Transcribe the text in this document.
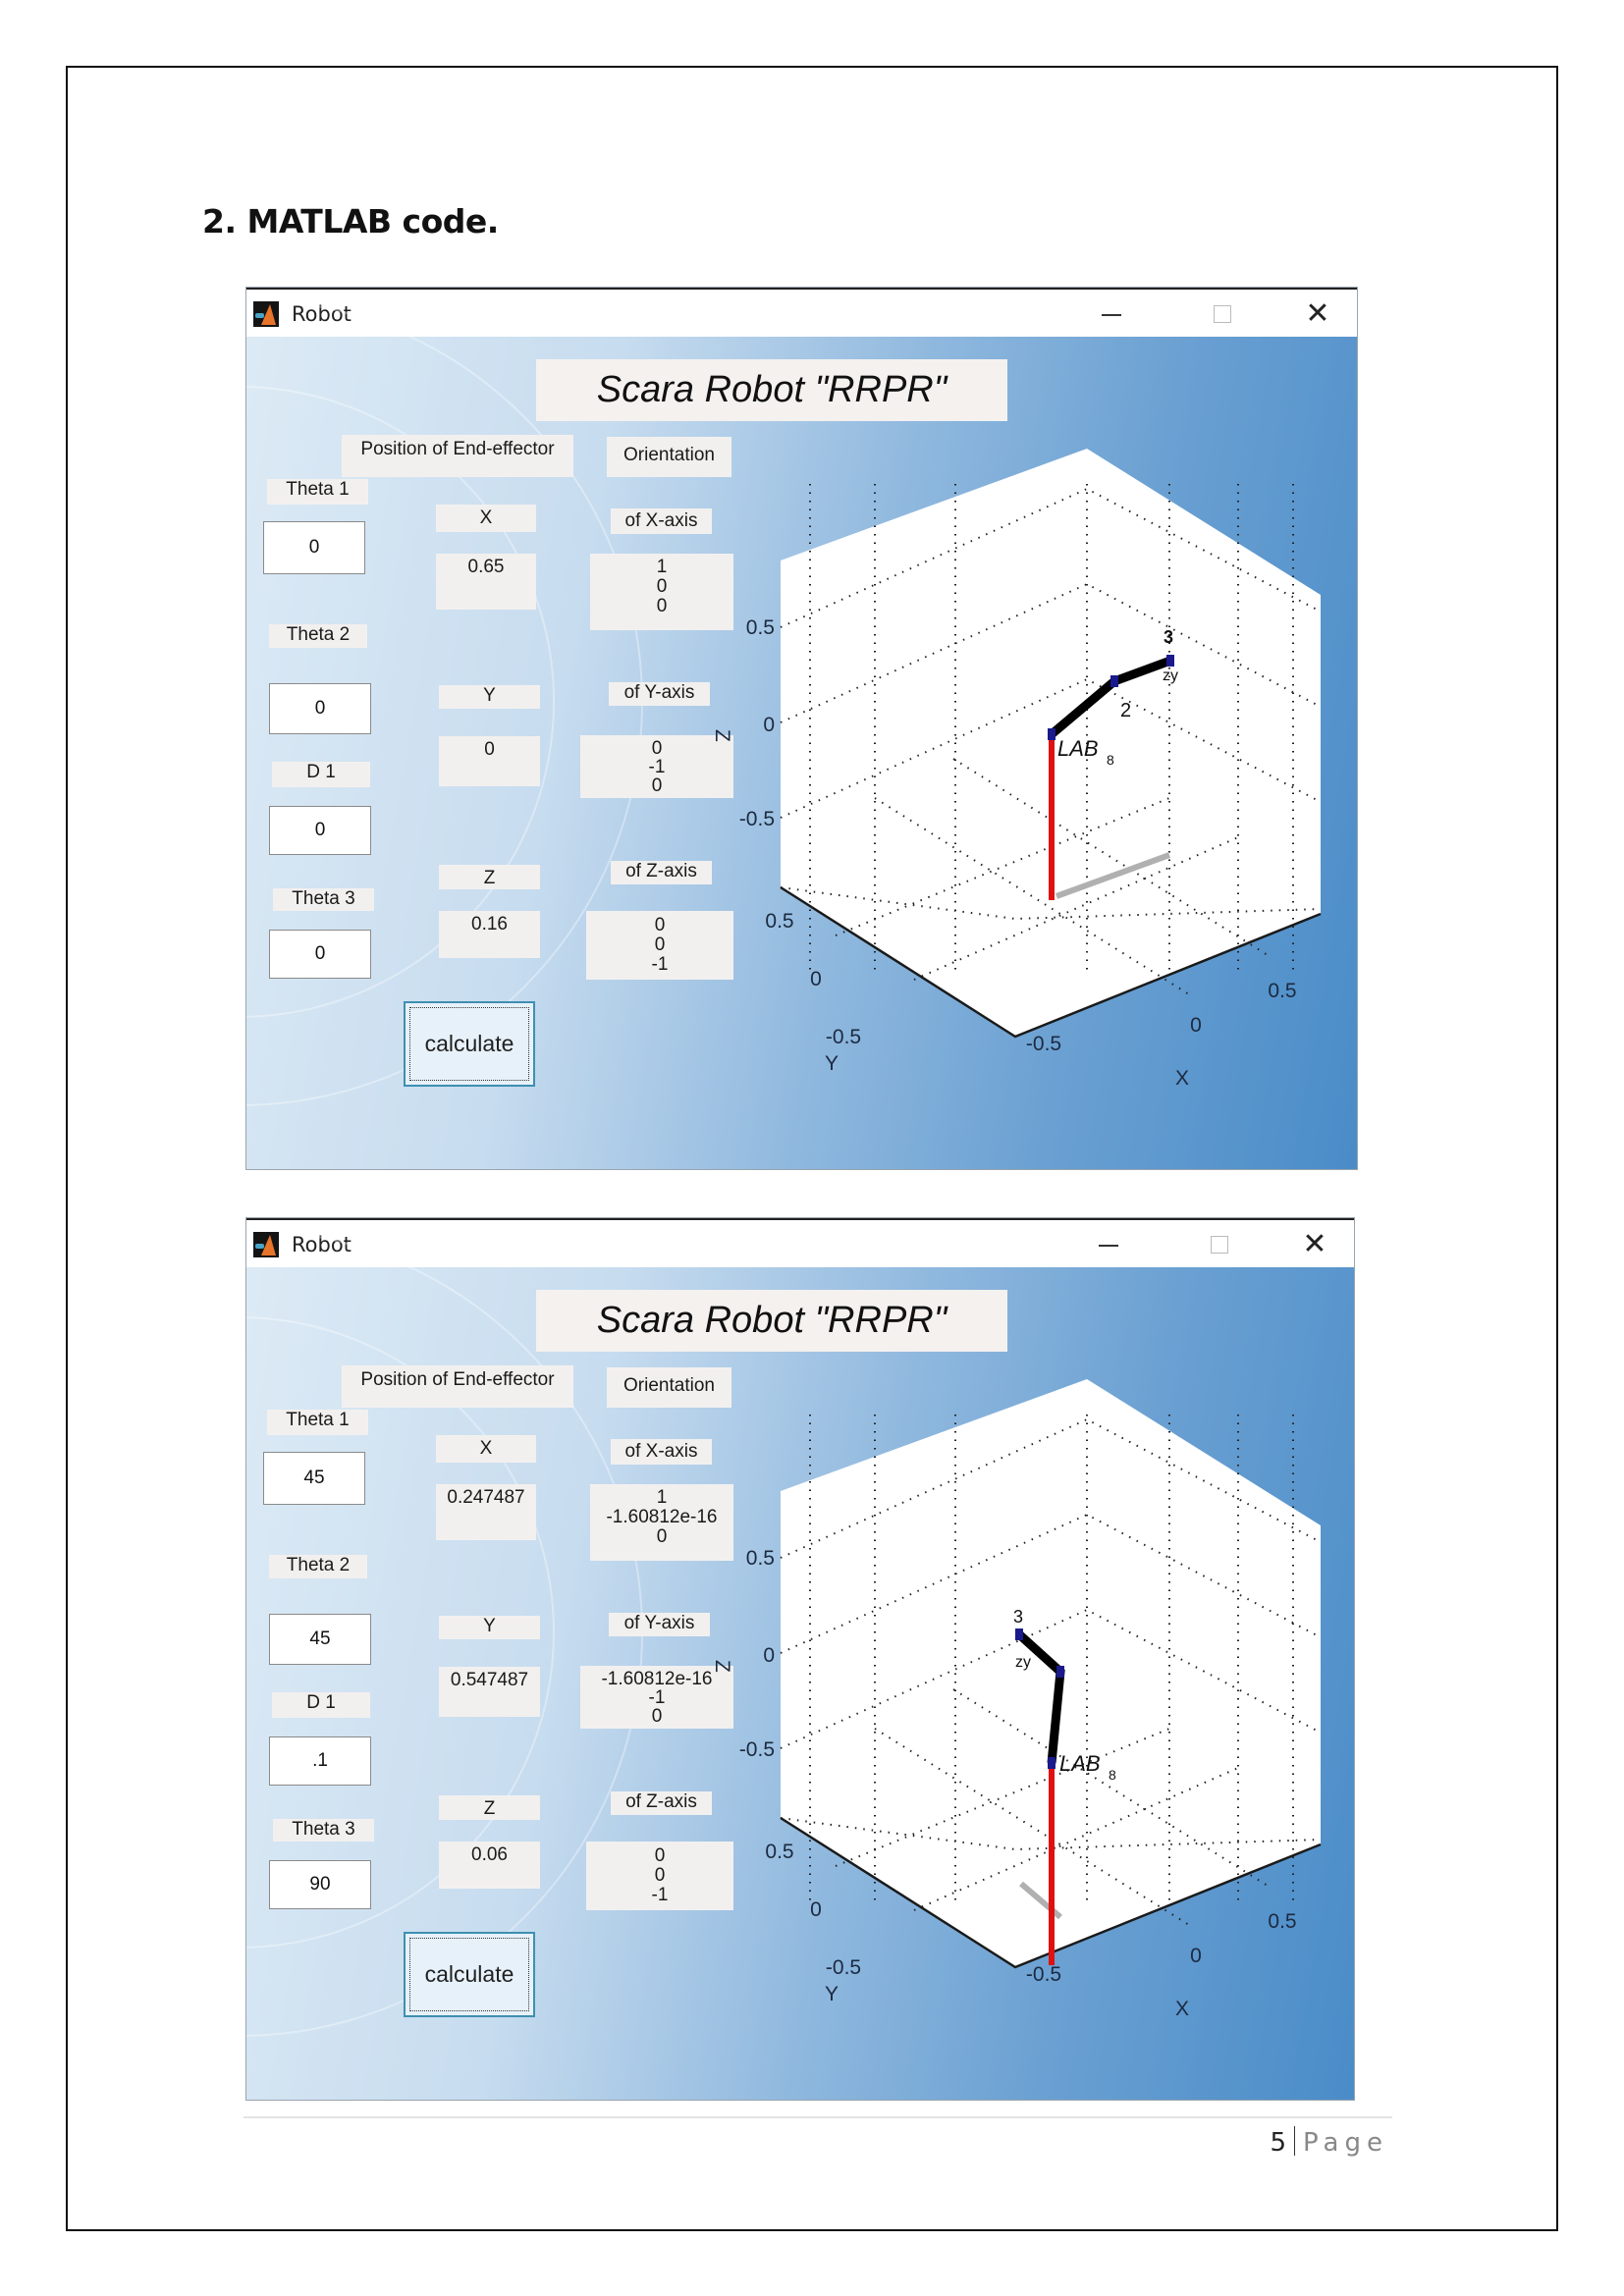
2. MATLAB code.
Robot	✕
Scara Robot "RRPR"
Position of End-effector	Orientation
Theta 1
0
Theta 2
0
D 1
0
Theta 3
0
X
0.65
Y
0
Z
0.16
of X-axis
1
0
0
of Y-axis
0
-1
0
of Z-axis
0
0
-1
calculate
0.5
0
-0.5
Z
-0.5
0
0.5
Y
-0.5
0
0.5
X
2
3
zy
LAB 8
Robot	✕
Scara Robot "RRPR"
Position of End-effector	Orientation
Theta 1
45
Theta 2
45
D 1
.1
Theta 3
90
X
0.247487
Y
0.547487
Z
0.06
of X-axis
1
-1.60812e-16
0
of Y-axis
-1.60812e-16
-1
0
of Z-axis
0
0
-1
calculate
0.5
0
-0.5
Z
-0.5
0
0.5
Y
-0.5
0
0.5
X
3
zy
LAB 8
5 Page
